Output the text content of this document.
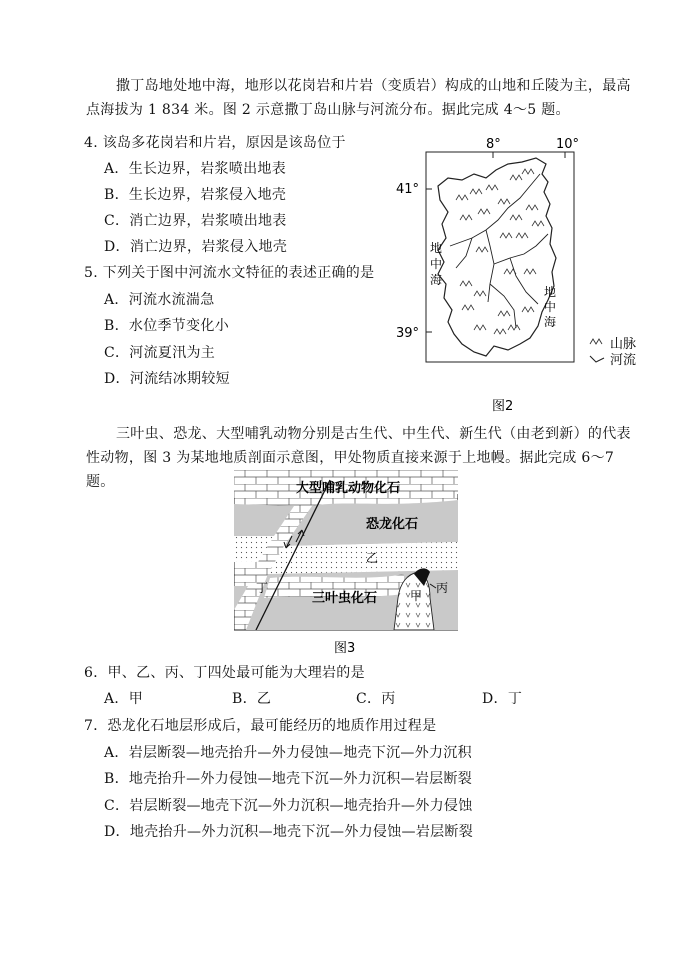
撒丁岛地处地中海，地形以花岗岩和片岩（变质岩）构成的山地和丘陵为主，最高点海拔为 1 834 米。图 2 示意撒丁岛山脉与河流分布。据此完成 4～5 题。
4. 该岛多花岗岩和片岩，原因是该岛位于
A．生长边界，岩浆喷出地表
B．生长边界，岩浆侵入地壳
C．消亡边界，岩浆喷出地表
D．消亡边界，岩浆侵入地壳
5. 下列关于图中河流水文特征的表述正确的是
A．河流水流湍急
B．水位季节变化小
C．河流夏汛为主
D．河流结冰期较短
8°	10°
41°
39°
地
中
海
地
中
海
山脉
河流
图2
三叶虫、恐龙、大型哺乳动物分别是古生代、中生代、新生代（由老到新）的代表性动物，图 3 为某地地质剖面示意图，甲处物质直接来源于上地幔。据此完成 6～7 题。	大型哺乳动物化石
恐龙化石
乙
丁
三叶虫化石	甲
丙
图3
6．甲、乙、丙、丁四处最可能为大理岩的是
A．甲	B．乙	C．丙	D．丁
7．恐龙化石地层形成后，最可能经历的地质作用过程是
A．岩层断裂—地壳抬升—外力侵蚀—地壳下沉—外力沉积
B．地壳抬升—外力侵蚀—地壳下沉—外力沉积—岩层断裂
C．岩层断裂—地壳下沉—外力沉积—地壳抬升—外力侵蚀
D．地壳抬升—外力沉积—地壳下沉—外力侵蚀—岩层断裂
